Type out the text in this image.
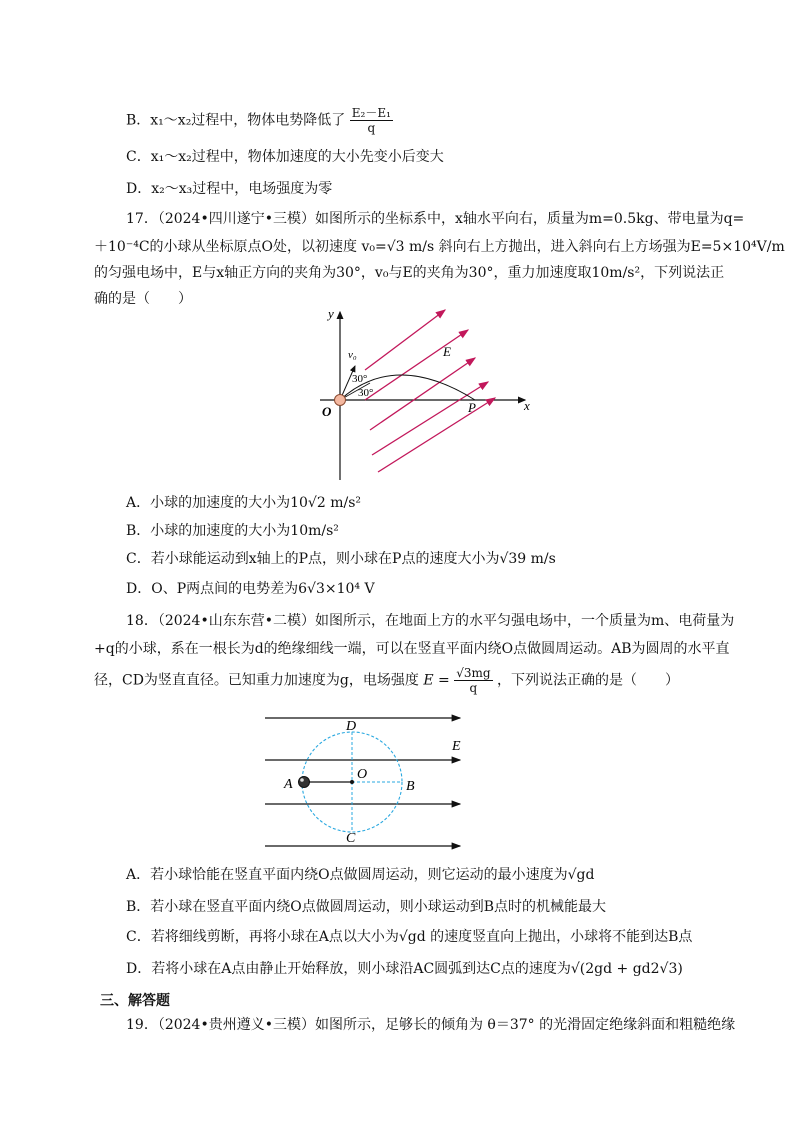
B．x₁～x₂过程中，物体电势降低了 $\frac{\text{E₂－E₁}}{q}$
C．x₁～x₂过程中，物体加速度的大小先变小后变大
D．x₂～x₃过程中，电场强度为零
17．（2024•四川遂宁•三模）如图所示的坐标系中，x轴水平向右，质量为m=0.5kg、带电量为q=
＋10⁻⁴C的小球从坐标原点O处，以初速度 v₀=√3 m/s 斜向右上方抛出，进入斜向右上方场强为E=5×10⁴V/m
的匀强电场中，E与x轴正方向的夹角为30°，v₀与E的夹角为30°，重力加速度取10m/s²，下列说法正
确的是（　　）
y
x
O	P
v₀	E
30°
30°
A．小球的加速度的大小为10√2 m/s²
B．小球的加速度的大小为10m/s²
C．若小球能运动到x轴上的P点，则小球在P点的速度大小为√39 m/s
D．O、P两点间的电势差为6√3×10⁴ V
18．（2024•山东东营•二模）如图所示，在地面上方的水平匀强电场中，一个质量为m、电荷量为
+q的小球，系在一根长为d的绝缘细线一端，可以在竖直平面内绕O点做圆周运动。AB为圆周的水平直
径，CD为竖直直径。已知重力加速度为g，电场强度 $E = \frac{√3mg}{q}$ ，下列说法正确的是（　　）
D
E
A
O
B
C
A．若小球恰能在竖直平面内绕O点做圆周运动，则它运动的最小速度为√gd
B．若小球在竖直平面内绕O点做圆周运动，则小球运动到B点时的机械能最大
C．若将细线剪断，再将小球在A点以大小为√gd 的速度竖直向上抛出，小球将不能到达B点
D．若将小球在A点由静止开始释放，则小球沿AC圆弧到达C点的速度为√(2gd + gd2√3)
三、解答题
19．（2024•贵州遵义•三模）如图所示，足够长的倾角为 θ＝37° 的光滑固定绝缘斜面和粗糙绝缘
